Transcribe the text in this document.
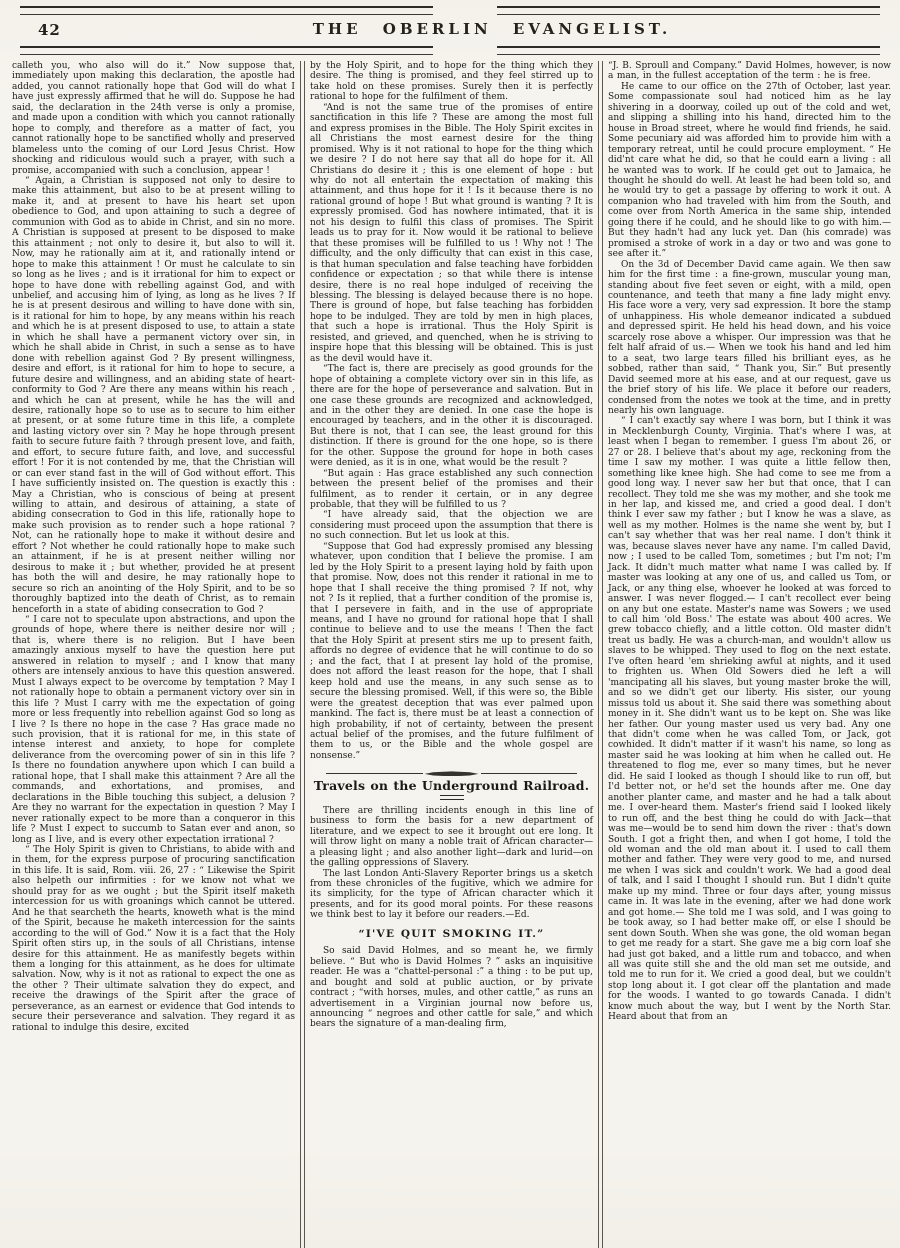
42	THE OBERLIN EVANGELIST.

calleth you, who also will do it.” Now suppose that, immediately upon making this declaration, the apostle had added, you cannot rationally hope that God will do what I have just expressly affirmed that he will do. Suppose he had said, the declaration in the 24th verse is only a promise, and made upon a condition with which you cannot rationally hope to comply, and therefore as a matter of fact, you cannot rationally hope to be sanctified wholly and preserved blameless unto the coming of our Lord Jesus Christ. How shocking and ridiculous would such a prayer, with such a promise, accompanied with such a conclusion, appear !

“ Again, a Christian is supposed not only to desire to make this attainment, but also to be at present willing to make it, and at present to have his heart set upon obedience to God, and upon attaining to such a degree of communion with God as to abide in Christ, and sin no more. A Christian is supposed at present to be disposed to make this attainment ; not only to desire it, but also to will it. Now, may he rationally aim at it, and rationally intend or hope to make this attainment ! Or must he calculate to sin so long as he lives ; and is it irrational for him to expect or hope to have done with rebelling against God, and with unbelief, and accusing him of lying, as long as he lives ? If he is at present desirous and willing to have done with sin, is it rational for him to hope, by any means within his reach and which he is at present disposed to use, to attain a state in which he shall have a permanent victory over sin, in which he shall abide in Christ, in such a sense as to have done with rebellion against God ? By present willingness, desire and effort, is it rational for him to hope to secure, a future desire and willingness, and an abiding state of heart-conformity to God ? Are there any means within his reach , and which he can at present, while he has the will and desire, rationally hope so to use as to secure to him either at present, or at some future time in this life, a complete and lasting victory over sin ? May he hope through present faith to secure future faith ? through present love, and faith, and effort, to secure future faith, and love, and successful effort ! For it is not contended by me, that the Christian will or can ever stand fast in the will of God without effort. This I have sufficiently insisted on. The question is exactly this : May a Christian, who is conscious of being at present willing to attain, and desirous of attaining, a state of abiding consecration to God in this life, rationally hope to make such provision as to render such a hope rational ? Not, can he rationally hope to make it without desire and effort ? Not whether he could rationally hope to make such an attainment, if he is at present neither willing nor desirous to make it ; but whether, provided he at present has both the will and desire, he may rationally hope to secure so rich an anointing of the Holy Spirit, and to be so thoroughly baptized into the death of Christ, as to remain henceforth in a state of abiding consecration to God ?

“ I care not to speculate upon abstractions, and upon the grounds of hope, where there is neither desire nor will ; that is, where there is no religion. But I have been amazingly anxious myself to have the question here put answered in relation to myself ; and I know that many others are intensely anxious to have this question answered. Must I always expect to be overcome by temptation ? May I not rationally hope to obtain a permanent victory over sin in this life ? Must I carry with me the expectation of going more or less frequently into rebellion against God so long as I live ? Is there no hope in the case ? Has grace made no such provision, that it is rational for me, in this state of intense interest and anxiety, to hope for complete deliverance from the overcoming power of sin in this life ? Is there no foundation anywhere upon which I can build a rational hope, that I shall make this attainment ? Are all the commands, and exhortations, and promises, and declarations in the Bible touching this subject, a delusion ? Are they no warrant for the expectation in question ? May I never rationally expect to be more than a conqueror in this life ? Must I expect to succumb to Satan ever and anon, so long as I live, and is every other expectation irrational ?

“ The Holy Spirit is given to Christians, to abide with and in them, for the express purpose of procuring sanctification in this life. It is said, Rom. viii. 26, 27 : “ Likewise the Spirit also helpeth our infirmities : for we know not what we should pray for as we ought ; but the Spirit itself maketh intercession for us with groanings which cannot be uttered. And he that searcheth the hearts, knoweth what is the mind of the Spirit, because he maketh intercession for the saints according to the will of God.” Now it is a fact that the Holy Spirit often stirs up, in the souls of all Christians, intense desire for this attainment. He as manifestly begets within them a longing for this attainment, as he does for ultimate salvation. Now, why is it not as rational to expect the one as the other ? Their ultimate salvation they do expect, and receive the drawings of the Spirit after the grace of perseverance, as an earnest or evidence that God intends to secure their perseverance and salvation. They regard it as rational to indulge this desire, excited

by the Holy Spirit, and to hope for the thing which they desire. The thing is promised, and they feel stirred up to take hold on these promises. Surely then it is perfectly rational to hope for the fulfilment of them.

“And is not the same true of the promises of entire sanctification in this life ? These are among the most full and express promises in the Bible. The Holy Spirit excites in all Christians the most earnest desire for the thing promised. Why is it not rational to hope for the thing which we desire ? I do not here say that all do hope for it. All Christians do desire it ; this is one element of hope : but why do not all entertain the expectation of making this attainment, and thus hope for it ! Is it because there is no rational ground of hope ! But what ground is wanting ? It is expressly promised. God has nowhere intimated, that it is not his design to fulfil this class of promises. The Spirit leads us to pray for it. Now would it be rational to believe that these promises will be fulfilled to us ! Why not ! The difficulty, and the only difficulty that can exist in this case, is that human speculation and false teaching have forbidden confidence or expectation ; so that while there is intense desire, there is no real hope indulged of receiving the blessing. The blessing is delayed because there is no hope. There is ground of hope, but false teaching has forbidden hope to be indulged. They are told by men in high places, that such a hope is irrational. Thus the Holy Spirit is resisted, and grieved, and quenched, when he is striving to inspire hope that this blessing will be obtained. This is just as the devil would have it.

“The fact is, there are precisely as good grounds for the hope of obtaining a complete victory over sin in this life, as there are for the hope of perseverance and salvation. But in one case these grounds are recognized and acknowledged, and in the other they are denied. In one case the hope is encouraged by teachers, and in the other it is discouraged. But there is not, that I can see, the least ground for this distinction. If there is ground for the one hope, so is there for the other. Suppose the ground for hope in both cases were denied, as it is in one, what would be the result ?

“But again : Has grace established any such connection between the present belief of the promises and their fulfilment, as to render it certain, or in any degree probable, that they will be fulfilled to us ?

“I have already said, that the objection we are considering must proceed upon the assumption that there is no such connection. But let us look at this.

“Suppose that God had expressly promised any blessing whatever, upon condition that I believe the promise. I am led by the Holy Spirit to a present laying hold by faith upon that promise. Now, does not this render it rational in me to hope that I shall receive the thing promised ? If not, why not ? Is it replied, that a further condition of the promise is, that I persevere in faith, and in the use of appropriate means, and I have no ground for rational hope that I shall continue to believe and to use the means ! Then the fact that the Holy Spirit at present stirs me up to present faith, affords no degree of evidence that he will continue to do so ; and the fact, that I at present lay hold of the promise, does not afford the least reason for the hope, that I shall keep hold and use the means, in any such sense as to secure the blessing promised. Well, if this were so, the Bible were the greatest deception that was ever palmed upon mankind. The fact is, there must be at least a connection of high probability, if not of certainty, between the present actual belief of the promises, and the future fulfilment of them to us, or the Bible and the whole gospel are nonsense.”

Travels on the Underground Railroad.

There are thrilling incidents enough in this line of business to form the basis for a new department of literature, and we expect to see it brought out ere long. It will throw light on many a noble trait of African character—a pleasing light ; and also another light—dark and lurid—on the galling oppressions of Slavery.

The last London Anti-Slavery Reporter brings us a sketch from these chronicles of the fugitive, which we admire for its simplicity, for the type of African character which it presents, and for its good moral points. For these reasons we think best to lay it before our readers.—Ed.

“I'VE QUIT SMOKING IT.”

So said David Holmes, and so meant he, we firmly believe. “ But who is David Holmes ? ” asks an inquisitive reader. He was a “chattel-personal :” a thing : to be put up, and bought and sold at public auction, or by private contract ; “with horses, mules, and other cattle,” as runs an advertisement in a Virginian journal now before us, announcing “ negroes and other cattle for sale,” and which bears the signature of a man-dealing firm,

“J. B. Sproull and Company.” David Holmes, however, is now a man, in the fullest acceptation of the term : he is free.

He came to our office on the 27th of October, last year. Some compassionate soul had noticed him as he lay shivering in a doorway, coiled up out of the cold and wet, and slipping a shilling into his hand, directed him to the house in Broad street, where he would find friends, he said. Some pecuniary aid was afforded him to provide him with a temporary retreat, until he could procure employment. “ He did'nt care what he did, so that he could earn a living : all he wanted was to work. If he could get out to Jamaica, he thought he should do well. At least he had been told so, and he would try to get a passage by offering to work it out. A companion who had traveled with him from the South, and come over from North America in the same ship, intended going there if he could, and he should like to go with him.— But they hadn't had any luck yet. Dan (his comrade) was promised a stroke of work in a day or two and was gone to see after it.”

On the 3d of December David came again. We then saw him for the first time : a fine-grown, muscular young man, standing about five feet seven or eight, with a mild, open countenance, and teeth that many a fine lady might envy. His face wore a very, very sad expression. It bore the stamp of unhappiness. His whole demeanor indicated a subdued and depressed spirit. He held his head down, and his voice scarcely rose above a whisper. Our impression was that he felt half afraid of us.— When we took his hand and led him to a seat, two large tears filled his brilliant eyes, as he sobbed, rather than said, “ Thank you, Sir.” But presently David seemed more at his ease, and at our request, gave us the brief story of his life. We place it before our readers, condensed from the notes we took at the time, and in pretty nearly his own language.

“ I can't exactly say where I was born, but I think it was in Mecklenburgh County, Virginia. That's where I was, at least when I began to remember. I guess I'm about 26, or 27 or 28. I believe that's about my age, reckoning from the time I saw my mother. I was quite a little fellow then, something like knee high. She had come to see me from a good long way. I never saw her but that once, that I can recollect. They told me she was my mother, and she took me in her lap, and kissed me, and cried a good deal. I don't think I ever saw my father ; but I know he was a slave, as well as my mother. Holmes is the name she went by, but I can't say whether that was her real name. I don't think it was, because slaves never have any name. I'm called David, now ; I used to be called Tom, sometimes ; but I'm not; I'm Jack. It didn't much matter what name I was called by. If master was looking at any one of us, and called us Tom, or Jack, or any thing else, whoever he looked at was forced to answer. I was never flogged.— I can't recollect ever being on any but one estate. Master's name was Sowers ; we used to call him ‘old Boss.' The estate was about 400 acres. We grew tobacco chiefly, and a little cotton. Old master didn't treat us badly. He was a church-man, and wouldn't allow us slaves to be whipped. They used to flog on the next estate. I've often heard 'em shrieking awful at nights, and it used to frighten us. When Old Sowers died he left a will 'mancipating all his slaves, but young master broke the will, and so we didn't get our liberty. His sister, our young missus told us about it. She said there was something about money in it. She didn't want us to be kept on. She was like her father. Our young master used us very bad. Any one that didn't come when he was called Tom, or Jack, got cowhided. It didn't matter if it wasn't his name, so long as master said he was looking at him when he called out. He threatened to flog me, ever so many times, but he never did. He said I looked as though I should like to run off, but I'd better not, or he'd set the hounds after me. One day another planter came, and master and he had a talk about me. I over-heard them. Master's friend said I looked likely to run off, and the best thing he could do with Jack—that was me—would be to send him down the river : that's down South. I got a fright then, and when I got home, I told the old woman and the old man about it. I used to call them mother and father. They were very good to me, and nursed me when I was sick and couldn't work. We had a good deal of talk, and I said I thought I should run. But I didn't quite make up my mind. Three or four days after, young missus came in. It was late in the evening, after we had done work and got home.— She told me I was sold, and I was going to be took away, so I had better make off, or else I should be sent down South. When she was gone, the old woman began to get me ready for a start. She gave me a big corn loaf she had just got baked, and a little rum and tobacco, and when all was quite still she and the old man set me outside, and told me to run for it. We cried a good deal, but we couldn't stop long about it. I got clear off the plantation and made for the woods. I wanted to go towards Canada. I didn't know much about the way, but I went by the North Star. Heard about that from an
